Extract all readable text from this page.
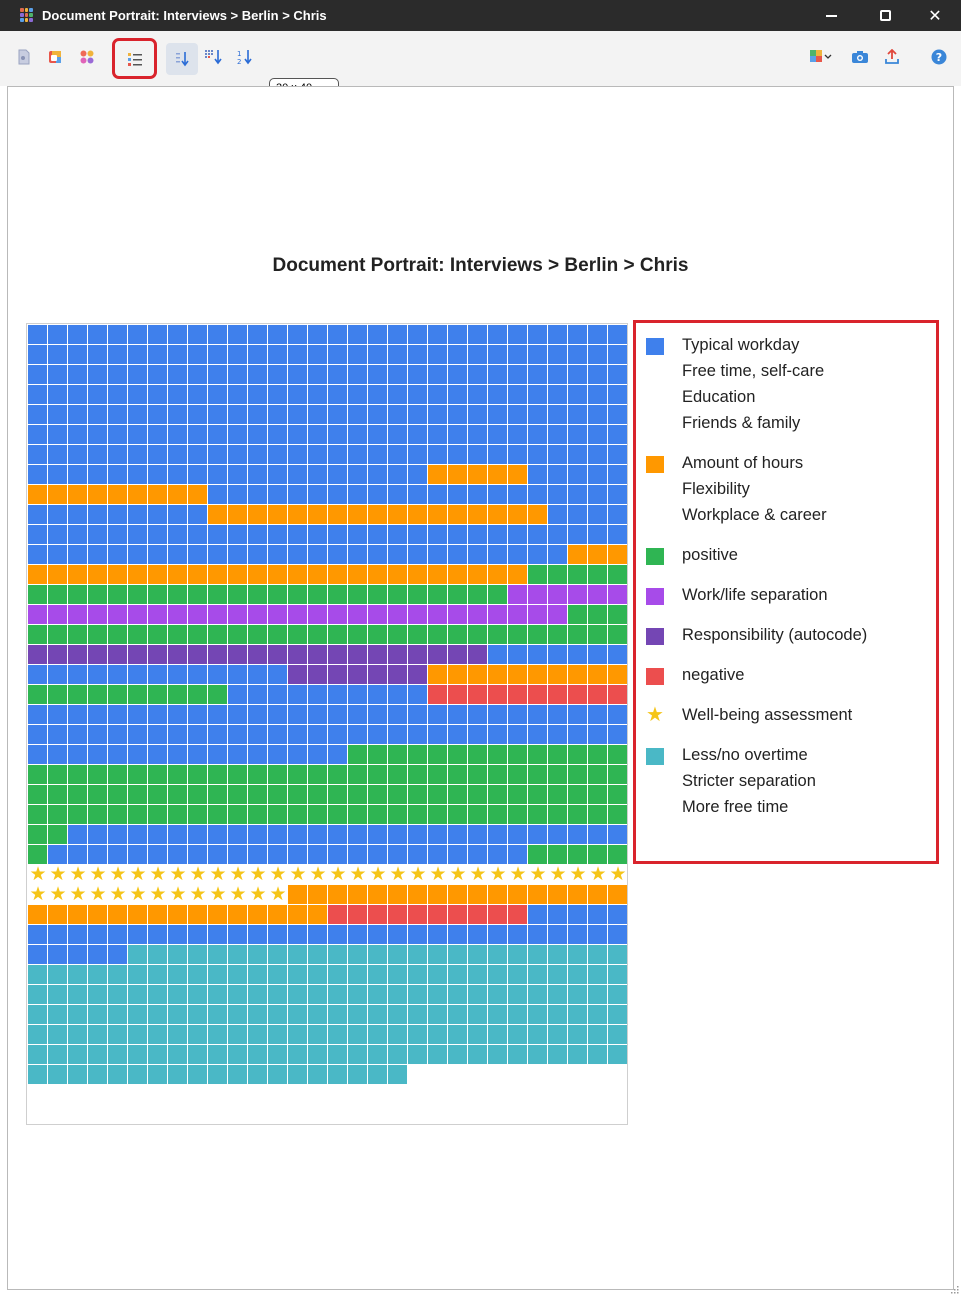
Document Portrait: Interviews > Berlin > Chris	✕
1
2	?
Document Portrait: Interviews > Berlin > Chris
★ ★ ★ ★ ★ ★ ★ ★ ★ ★ ★ ★ ★ ★ ★ ★ ★ ★ ★ ★ ★ ★ ★ ★ ★ ★ ★ ★ ★ ★
★ ★ ★ ★ ★ ★ ★ ★ ★ ★ ★ ★ ★
Typical workday
Free time, self-care
Education
Friends & family
Amount of hours
Flexibility
Workplace & career
positive
Work/life separation
Responsibility (autocode)
negative
★ Well-being assessment
Less/no overtime
Stricter separation
More free time
